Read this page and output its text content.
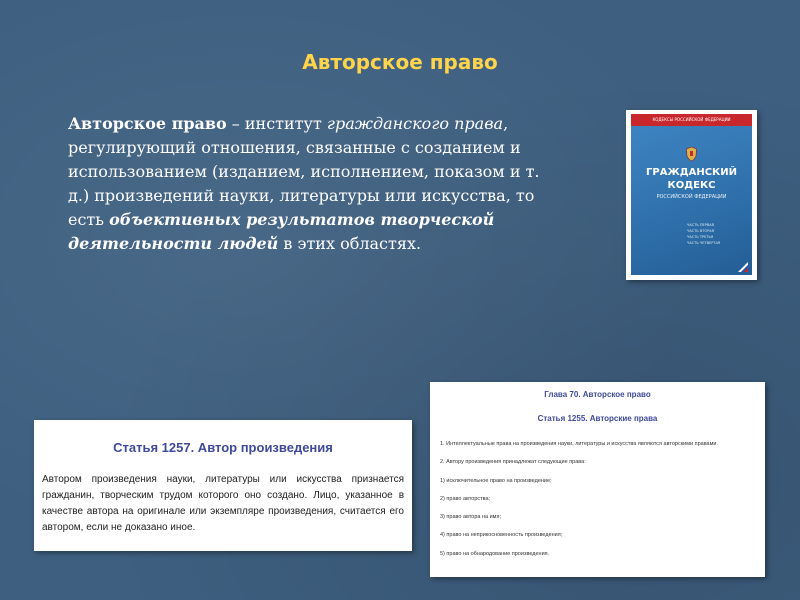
Авторское право
Авторское право – институт гражданского права, регулирующий отношения, связанные с созданием и использованием (изданием, исполнением, показом и т. д.) произведений науки, литературы или искусства, то есть объективных результатов творческой деятельности людей в этих областях.
КОДЕКСЫ РОССИЙСКОЙ ФЕДЕРАЦИИ
ГРАЖДАНСКИЙ
КОДЕКС
РОССИЙСКОЙ ФЕДЕРАЦИИ
ЧАСТЬ ПЕРВАЯ
ЧАСТЬ ВТОРАЯ
ЧАСТЬ ТРЕТЬЯ
ЧАСТЬ ЧЕТВЕРТАЯ
Статья 1257. Автор произведения
Автором произведения науки, литературы или искусства признается гражданин, творческим трудом которого оно создано. Лицо, указанное в качестве автора на оригинале или экземпляре произведения, считается его автором, если не доказано иное.
Глава 70. Авторское право
Статья 1255. Авторские права
1. Интеллектуальные права на произведения науки, литературы и искусства являются авторскими правами.
2. Автору произведения принадлежат следующие права:
1) исключительное право на произведение;
2) право авторства;
3) право автора на имя;
4) право на неприкосновенность произведения;
5) право на обнародование произведения.
